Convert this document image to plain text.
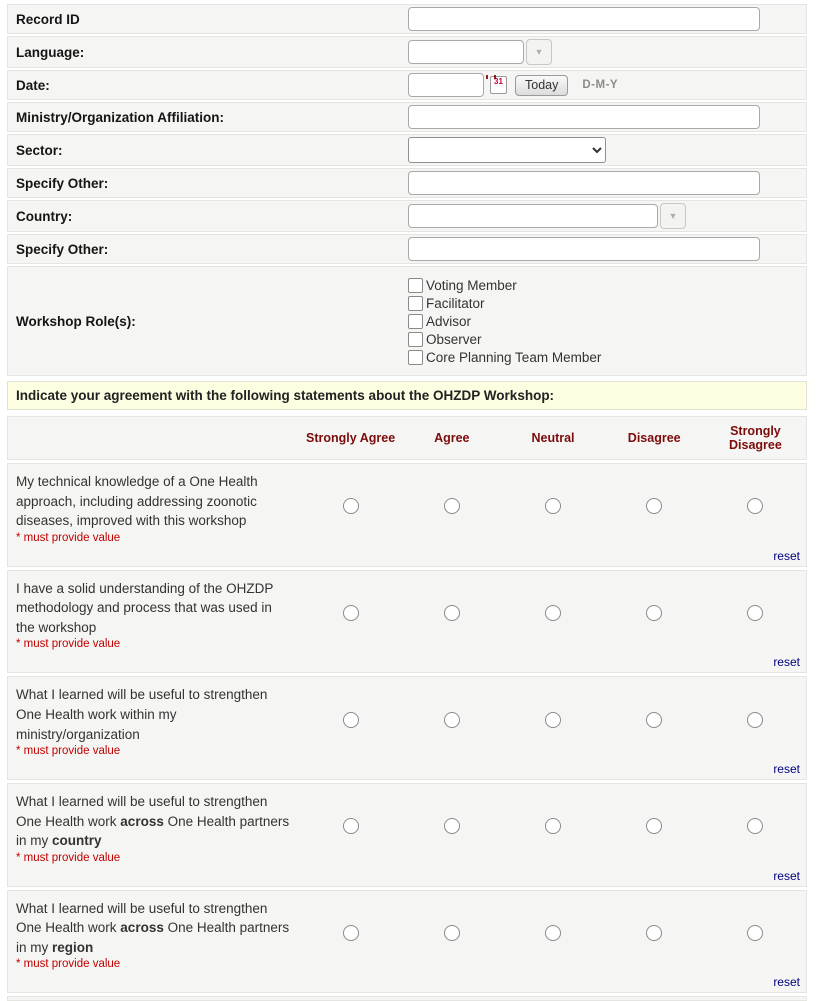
Record ID
Language:	▼
Date:	31	Today	D-M-Y
Ministry/Organization Affiliation:
Sector:
Specify Other:
Country:	▼
Specify Other:
Workshop Role(s):
Voting Member
Facilitator
Advisor
Observer
Core Planning Team Member
Indicate your agreement with the following statements about the OHZDP Workshop:
Strongly Agree	Agree	Neutral	Disagree	Strongly Disagree
My technical knowledge of a One Health approach, including addressing zoonotic diseases, improved with this workshop
* must provide value
reset
I have a solid understanding of the OHZDP methodology and process that was used in the workshop
* must provide value
reset
What I learned will be useful to strengthen One Health work within my ministry/organization
* must provide value
reset
What I learned will be useful to strengthen One Health work across One Health partners in my country
* must provide value
reset
What I learned will be useful to strengthen One Health work across One Health partners in my region
* must provide value
reset
